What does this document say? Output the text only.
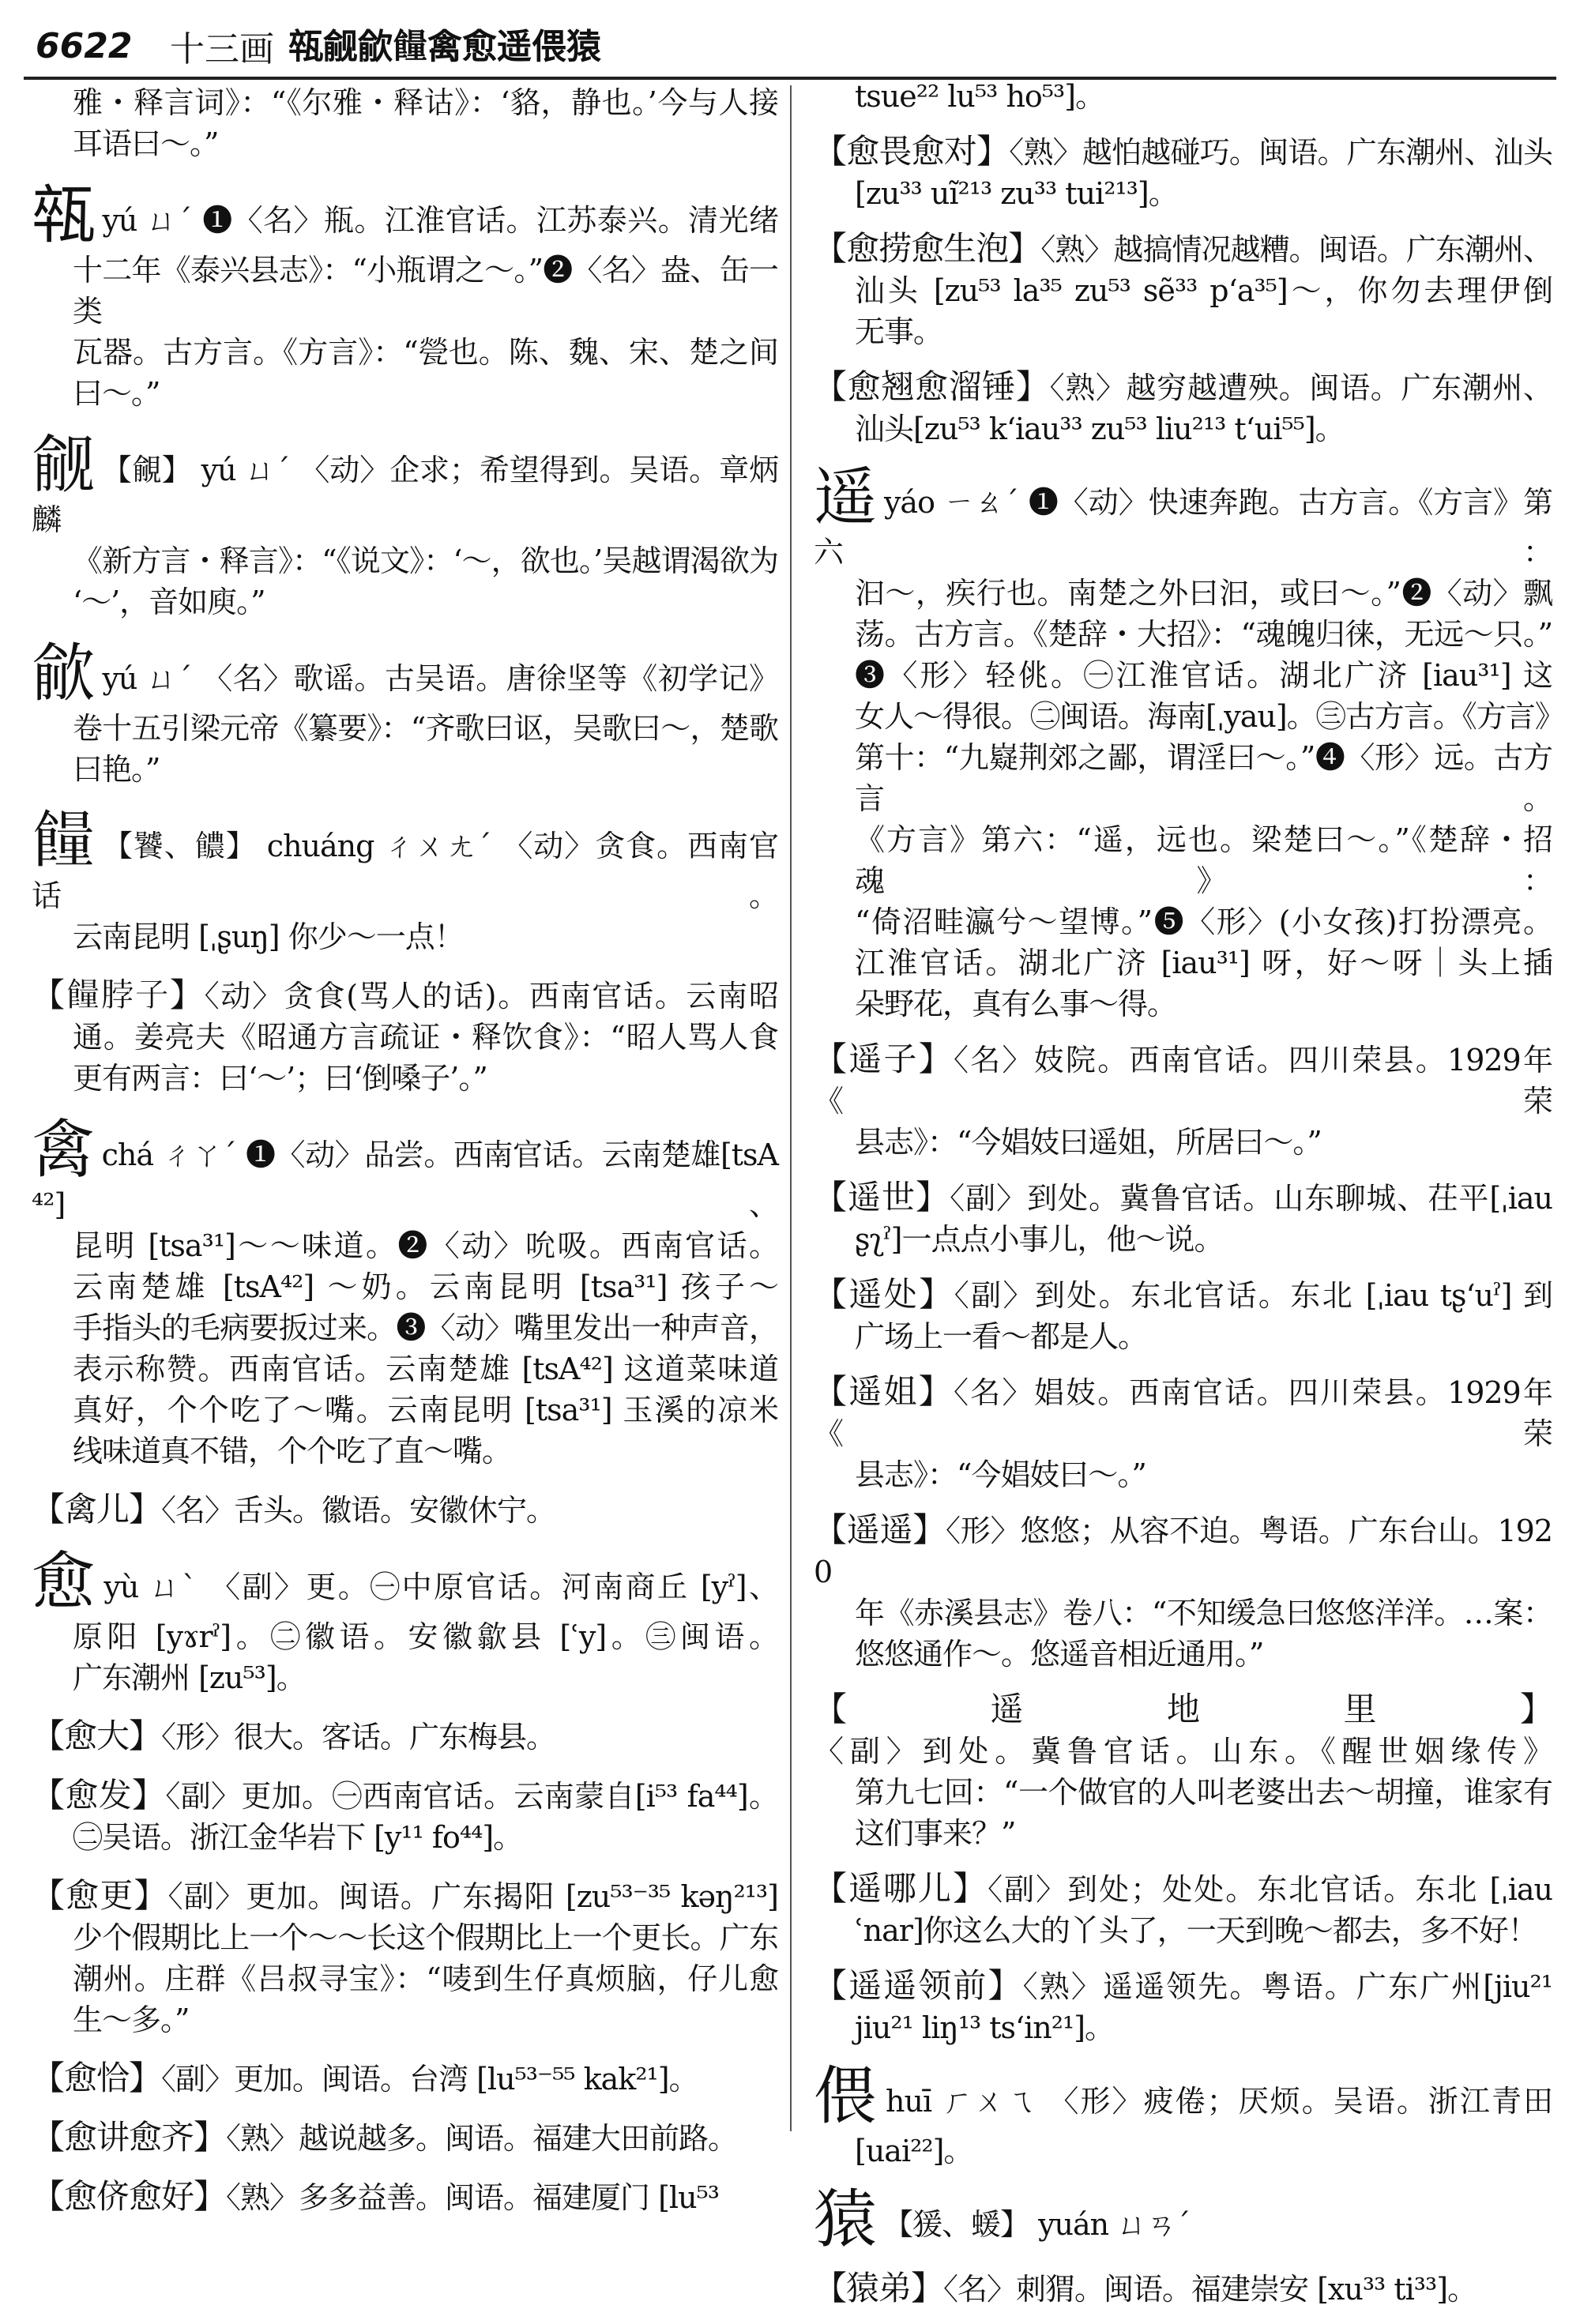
6622	十三画 𤭢觎歈𩞯禽愈遥偎猿
雅・释言词》：“《尔雅・释诂》：‘貉，静也。’今与人接
耳语曰～。”
𤭢yú ㄩˊ ❶〈名〉瓶。江淮官话。江苏泰兴。清光绪
十二年《泰兴县志》：“小瓶谓之～。”❷〈名〉盎、缶一类
瓦器。古方言。《方言》：“甇也。陈、魏、宋、楚之间
曰～。”
觎 【覦】 yú ㄩˊ 〈动〉企求；希望得到。吴语。章炳麟
《新方言・释言》：“《说文》：‘～，欲也。’吴越谓渴欲为
‘～’，音如庾。”
歈yú ㄩˊ 〈名〉歌谣。古吴语。唐徐坚等《初学记》
卷十五引梁元帝《纂要》：“齐歌曰讴，吴歌曰～，楚歌
曰艳。”
𩞯 【饕、𩟊】 chuáng ㄔㄨㄤˊ 〈动〉贪食。西南官话。
云南昆明 [ˌʂuŋ] 你少～一点！
【𩞯脖子】〈动〉贪食(骂人的话)。西南官话。云南昭
通。姜亮夫《昭通方言疏证・释饮食》：“昭人骂人食
更有两言：曰‘～’；曰‘倒嗓子’。”
禽chá ㄔㄚˊ ❶〈动〉品尝。西南官话。云南楚雄[tsA⁴²]、
昆明 [tsa³¹]～～味道。❷〈动〉吮吸。西南官话。
云南楚雄 [tsA⁴²] ～奶。云南昆明 [tsa³¹] 孩子～
手指头的毛病要扳过来。❸〈动〉嘴里发出一种声音，
表示称赞。西南官话。云南楚雄 [tsA⁴²] 这道菜味道
真好，个个吃了～嘴。云南昆明 [tsa³¹] 玉溪的凉米
线味道真不错，个个吃了直～嘴。
【禽儿】〈名〉舌头。徽语。安徽休宁。
愈yù ㄩˋ 〈副〉更。㊀中原官话。河南商丘 [yˀ]、
原阳 [yɤrˀ]。㊁徽语。安徽歙县 [ʿy]。㊂闽语。
广东潮州 [zu⁵³]。
【愈大】〈形〉很大。客话。广东梅县。
【愈发】〈副〉更加。㊀西南官话。云南蒙自[i⁵³ fa⁴⁴]。
㊁吴语。浙江金华岩下 [y¹¹ fo⁴⁴]。
【愈更】〈副〉更加。闽语。广东揭阳 [zu⁵³⁻³⁵ kəŋ²¹³]
少个假期比上一个～～长这个假期比上一个更长。广东
潮州。庄群《吕叔寻宝》：“唛到生仔真烦脑，仔儿愈
生～多。”
【愈恰】〈副〉更加。闽语。台湾 [lu⁵³⁻⁵⁵ kak²¹]。
【愈讲愈齐】〈熟〉越说越多。闽语。福建大田前路。
【愈侪愈好】〈熟〉多多益善。闽语。福建厦门 [lu⁵³
tsue²² lu⁵³ ho⁵³]。
【愈畏愈对】〈熟〉越怕越碰巧。闽语。广东潮州、汕头
[zu³³ uĩ²¹³ zu³³ tui²¹³]。
【愈捞愈生泡】〈熟〉越搞情况越糟。闽语。广东潮州、
汕头 [zu⁵³ la³⁵ zu⁵³ sẽ³³ pʻa³⁵]～，你勿去理伊倒
无事。
【愈翘愈溜锤】〈熟〉越穷越遭殃。闽语。广东潮州、
汕头[zu⁵³ kʻiau³³ zu⁵³ liu²¹³ tʻui⁵⁵]。
遥yáo ㄧㄠˊ ❶〈动〉快速奔跑。古方言。《方言》第六：
汩～，疾行也。南楚之外曰汩，或曰～。”❷〈动〉飘
荡。古方言。《楚辞・大招》：“魂魄归徕，无远～只。”
❸〈形〉轻佻。㊀江淮官话。湖北广济 [iau³¹] 这
女人～得很。㊁闽语。海南[ˌyau]。㊂古方言。《方言》
第十：“九嶷荆郊之鄙，谓淫曰～。”❹〈形〉远。古方言。
《方言》第六：“遥，远也。梁楚曰～。”《楚辞・招魂》：
“倚沼畦瀛兮～望博。”❺〈形〉(小女孩)打扮漂亮。
江淮官话。湖北广济 [iau³¹] 呀，好～呀｜头上插
朵野花，真有么事～得。
【遥子】〈名〉妓院。西南官话。四川荣县。1929年《荣
县志》：“今娼妓曰遥姐，所居曰～。”
【遥世】〈副〉到处。冀鲁官话。山东聊城、茌平[ˌiau
ʂʅˀ]一点点小事儿，他～说。
【遥处】〈副〉到处。东北官话。东北 [ˌiau tʂʻuˀ] 到
广场上一看～都是人。
【遥姐】〈名〉娼妓。西南官话。四川荣县。1929年《荣
县志》：“今娼妓曰～。”
【遥遥】〈形〉悠悠；从容不迫。粤语。广东台山。1920
年《赤溪县志》卷八：“不知缓急曰悠悠洋洋。…案：
悠悠通作～。悠遥音相近通用。”
【遥地里】〈副〉到处。冀鲁官话。山东。《醒世姻缘传》
第九七回：“一个做官的人叫老婆出去～胡撞，谁家有
这们事来？”
【遥哪儿】〈副〉到处；处处。东北官话。东北 [ˌiau
ʿnar]你这么大的丫头了，一天到晚～都去，多不好！
【遥遥领前】〈熟〉遥遥领先。粤语。广东广州[jiu²¹
jiu²¹ liŋ¹³ tsʻin²¹]。
偎huī ㄏㄨㄟ 〈形〉疲倦；厌烦。吴语。浙江青田
[uai²²]。
猿 【猨、蝯】 yuán ㄩㄢˊ
【猿弟】〈名〉刺猬。闽语。福建崇安 [xu³³ ti³³]。
